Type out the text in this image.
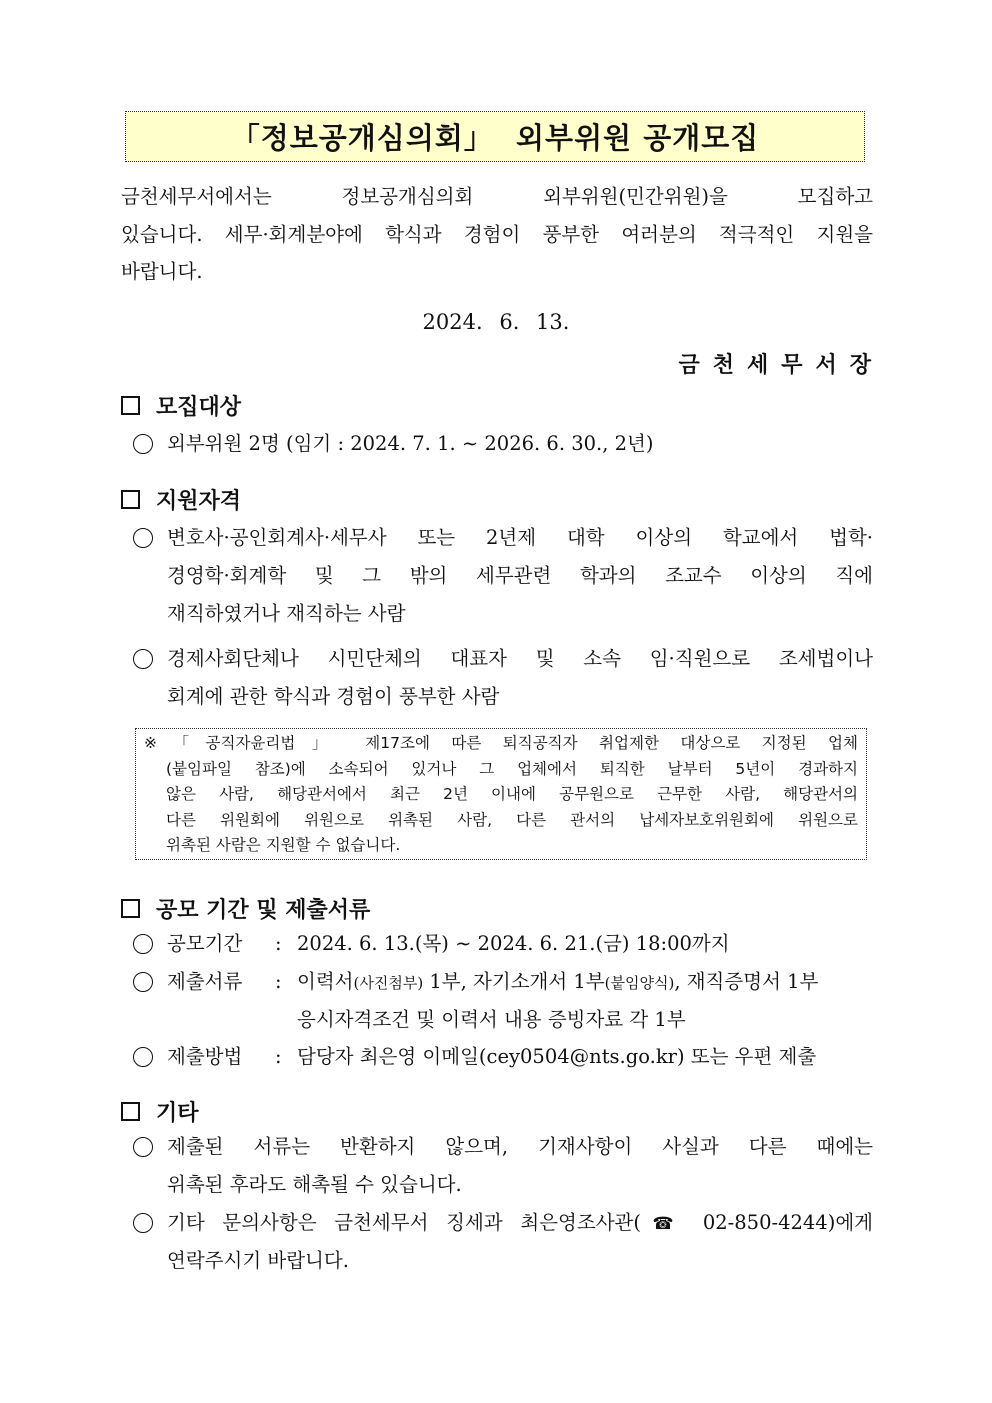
「정보공개심의회」  외부위원 공개모집
금천세무서에서는 정보공개심의회 외부위원(민간위원)을 모집하고
있습니다. 세무·회계분야에 학식과 경험이 풍부한 여러분의 적극적인 지원을
바랍니다.
2024. 6. 13.
금천세무서장
모집대상
외부위원 2명 (임기 : 2024. 7. 1. ∼ 2026. 6. 30., 2년)
지원자격
변호사·공인회계사·세무사 또는 2년제 대학 이상의 학교에서 법학·
경영학·회계학 및 그 밖의 세무관련 학과의 조교수 이상의 직에
재직하였거나 재직하는 사람
경제사회단체나 시민단체의 대표자 및 소속 임·직원으로 조세법이나
회계에 관한 학식과 경험이 풍부한 사람
※「공직자윤리법」 제17조에 따른 퇴직공직자 취업제한 대상으로 지정된 업체
(붙임파일 참조)에 소속되어 있거나 그 업체에서 퇴직한 날부터 5년이 경과하지
않은 사람, 해당관서에서 최근 2년 이내에 공무원으로 근무한 사람, 해당관서의
다른 위원회에 위원으로 위촉된 사람, 다른 관서의 납세자보호위원회에 위원으로
위촉된 사람은 지원할 수 없습니다.
공모 기간 및 제출서류
공모기간 : 2024. 6. 13.(목) ∼ 2024. 6. 21.(금) 18:00까지
제출서류 : 이력서(사진첨부) 1부, 자기소개서 1부(붙임양식), 재직증명서 1부
응시자격조건 및 이력서 내용 증빙자료 각 1부
제출방법 : 담당자 최은영 이메일(cey0504@nts.go.kr) 또는 우편 제출
기타
제출된 서류는 반환하지 않으며, 기재사항이 사실과 다른 때에는
위촉된 후라도 해촉될 수 있습니다.
기타 문의사항은 금천세무서 징세과 최은영조사관(☎ 02-850-4244)에게
연락주시기 바랍니다.
